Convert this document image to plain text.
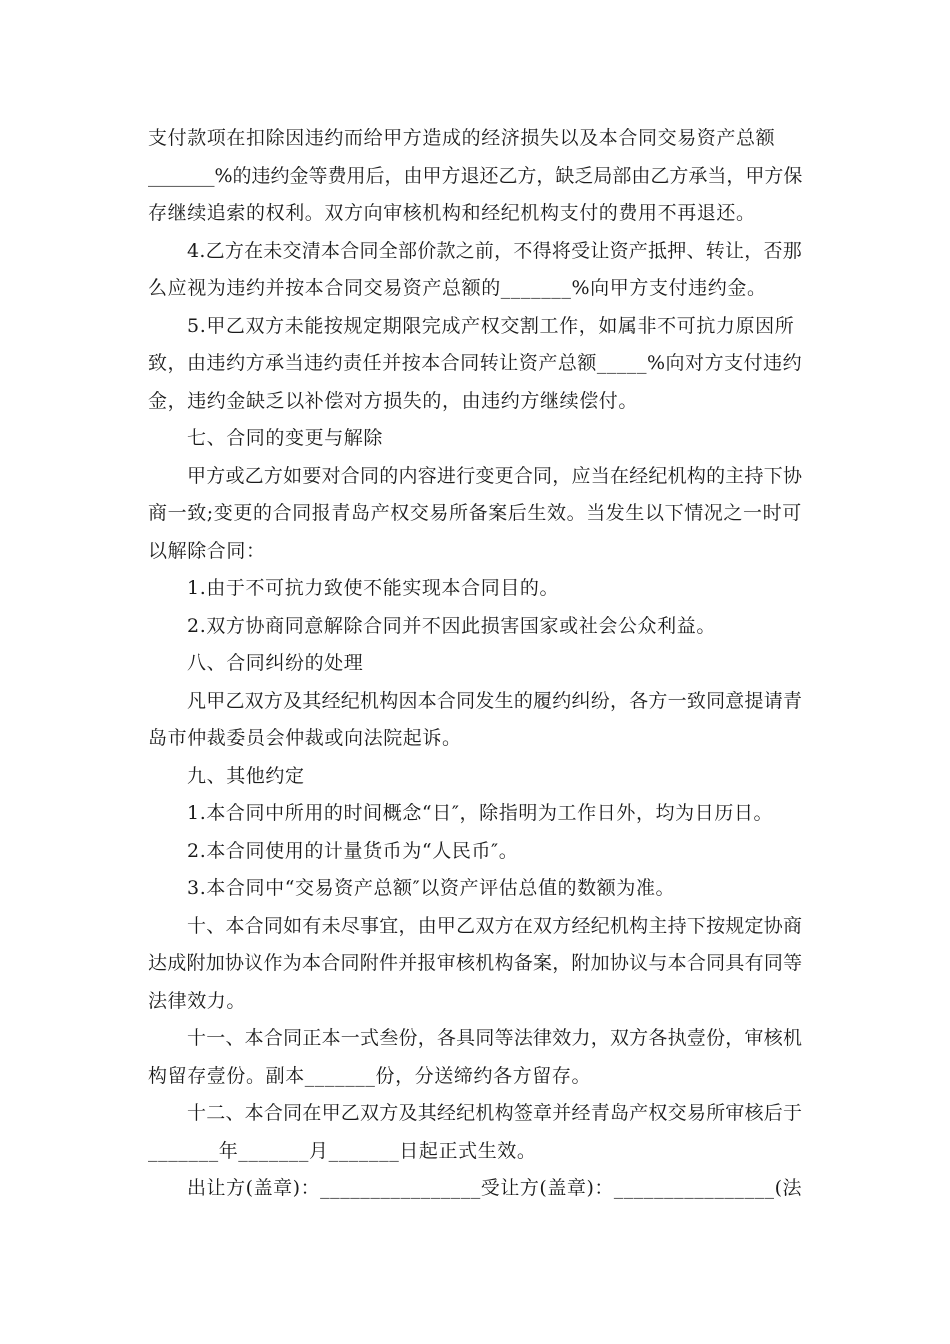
支付款项在扣除因违约而给甲方造成的经济损失以及本合同交易资产总额
_______%的违约金等费用后，由甲方退还乙方，缺乏局部由乙方承当，甲方保
存继续追索的权利。双方向审核机构和经纪机构支付的费用不再退还。
4.乙方在未交清本合同全部价款之前，不得将受让资产抵押、转让，否那
么应视为违约并按本合同交易资产总额的_______%向甲方支付违约金。
5.甲乙双方未能按规定期限完成产权交割工作，如属非不可抗力原因所
致，由违约方承当违约责任并按本合同转让资产总额_____%向对方支付违约
金，违约金缺乏以补偿对方损失的，由违约方继续偿付。
七、合同的变更与解除
甲方或乙方如要对合同的内容进行变更合同，应当在经纪机构的主持下协
商一致;变更的合同报青岛产权交易所备案后生效。当发生以下情况之一时可
以解除合同：
1.由于不可抗力致使不能实现本合同目的。
2.双方协商同意解除合同并不因此损害国家或社会公众利益。
八、合同纠纷的处理
凡甲乙双方及其经纪机构因本合同发生的履约纠纷，各方一致同意提请青
岛市仲裁委员会仲裁或向法院起诉。
九、其他约定
1.本合同中所用的时间概念“日″，除指明为工作日外，均为日历日。
2.本合同使用的计量货币为“人民币″。
3.本合同中“交易资产总额″以资产评估总值的数额为准。
十、本合同如有未尽事宜，由甲乙双方在双方经纪机构主持下按规定协商
达成附加协议作为本合同附件并报审核机构备案，附加协议与本合同具有同等
法律效力。
十一、本合同正本一式叁份，各具同等法律效力，双方各执壹份，审核机
构留存壹份。副本_______份，分送缔约各方留存。
十二、本合同在甲乙双方及其经纪机构签章并经青岛产权交易所审核后于
_______年_______月_______日起正式生效。
出让方(盖章)：________________受让方(盖章)：________________(法
